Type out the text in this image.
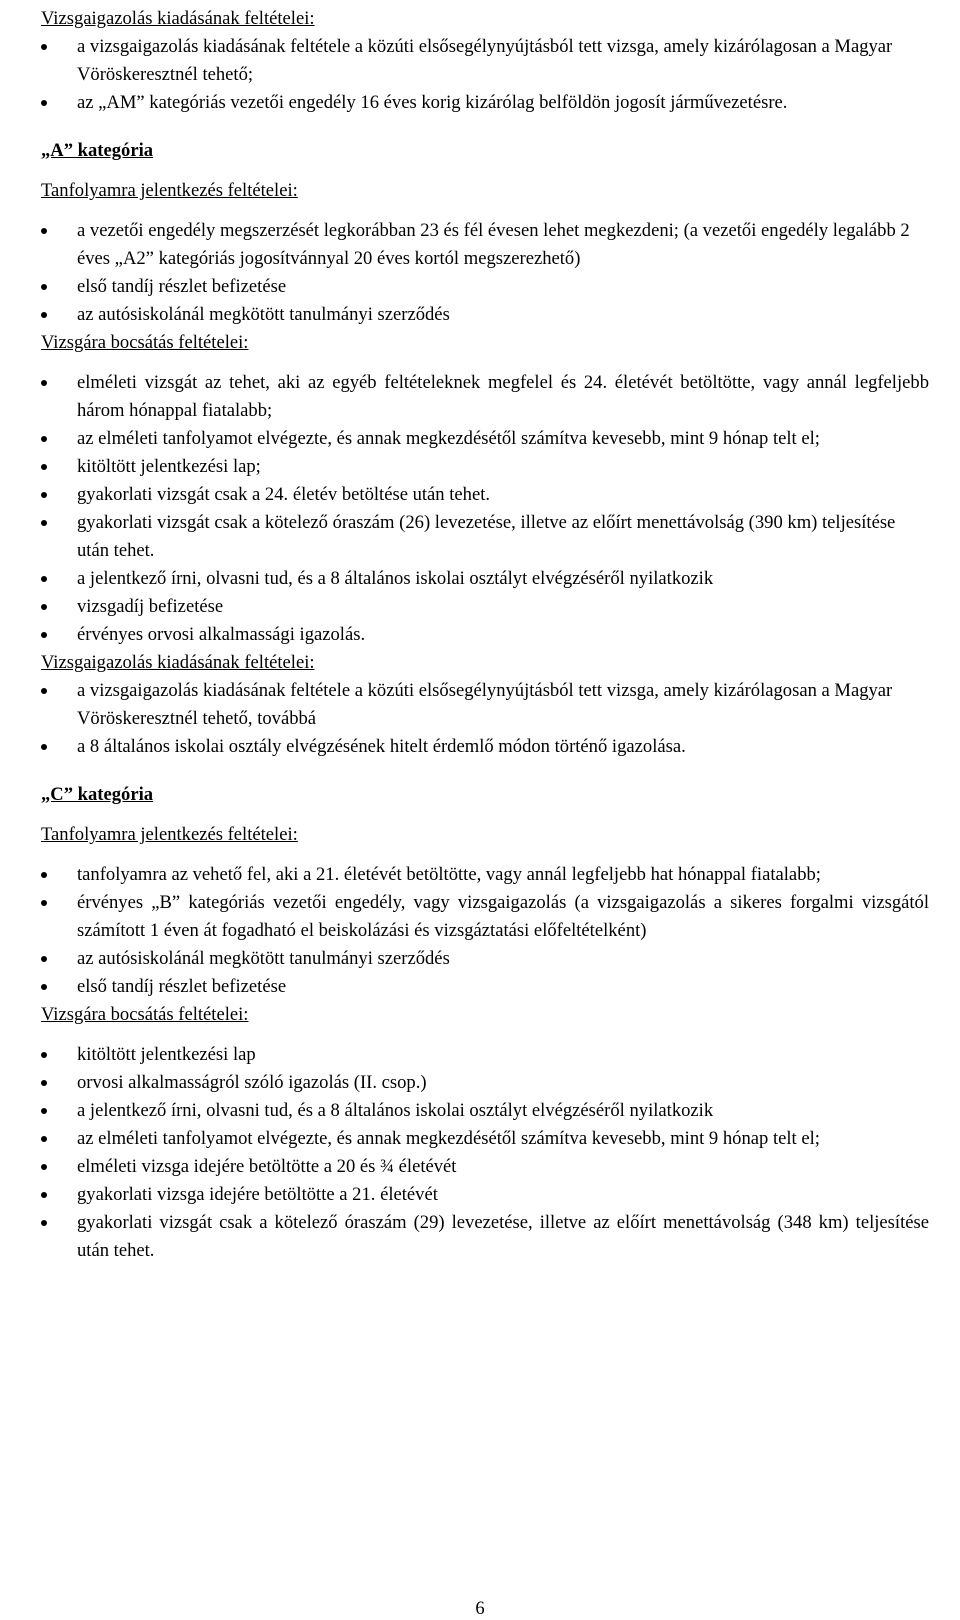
Vizsgaigazolás kiadásának feltételei:
a vizsgaigazolás kiadásának feltétele a közúti elsősegélynyújtásból tett vizsga, amely kizárólagosan a Magyar Vöröskeresztnél tehető;
az „AM” kategóriás vezetői engedély 16 éves korig kizárólag belföldön jogosít járművezetésre.
„A” kategória
Tanfolyamra jelentkezés feltételei:
a vezetői engedély megszerzését legkorábban 23 és fél évesen lehet megkezdeni; (a vezetői engedély legalább 2 éves „A2” kategóriás jogosítvánnyal 20 éves kortól megszerezhető)
első tandíj részlet befizetése
az autósiskolánál megkötött tanulmányi szerződés
Vizsgára bocsátás feltételei:
elméleti vizsgát az tehet, aki az egyéb feltételeknek megfelel és 24. életévét betöltötte, vagy annál legfeljebb három hónappal fiatalabb;
az elméleti tanfolyamot elvégezte, és annak megkezdésétől számítva kevesebb, mint 9 hónap telt el;
kitöltött jelentkezési lap;
gyakorlati vizsgát csak a 24. életév betöltése után tehet.
gyakorlati vizsgát csak a kötelező óraszám (26) levezetése, illetve az előírt menettávolság (390 km) teljesítése után tehet.
a jelentkező írni, olvasni tud, és a 8 általános iskolai osztályt elvégzéséről nyilatkozik
vizsgadíj befizetése
érvényes orvosi alkalmassági igazolás.
Vizsgaigazolás kiadásának feltételei:
a vizsgaigazolás kiadásának feltétele a közúti elsősegélynyújtásból tett vizsga, amely kizárólagosan a Magyar Vöröskeresztnél tehető, továbbá
a 8 általános iskolai osztály elvégzésének hitelt érdemlő módon történő igazolása.
„C” kategória
Tanfolyamra jelentkezés feltételei:
tanfolyamra az vehető fel, aki a 21. életévét betöltötte, vagy annál legfeljebb hat hónappal fiatalabb;
érvényes „B” kategóriás vezetői engedély, vagy vizsgaigazolás (a vizsgaigazolás a sikeres forgalmi vizsgától számított 1 éven át fogadható el beiskolázási és vizsgáztatási előfeltételként)
az autósiskolánál megkötött tanulmányi szerződés
első tandíj részlet befizetése
Vizsgára bocsátás feltételei:
kitöltött jelentkezési lap
orvosi alkalmasságról szóló igazolás (II. csop.)
a jelentkező írni, olvasni tud, és a 8 általános iskolai osztályt elvégzéséről nyilatkozik
az elméleti tanfolyamot elvégezte, és annak megkezdésétől számítva kevesebb, mint 9 hónap telt el;
elméleti vizsga idejére betöltötte a 20 és ¾ életévét
gyakorlati vizsga idejére betöltötte a 21. életévét
gyakorlati vizsgát csak a kötelező óraszám (29) levezetése, illetve az előírt menettávolság (348 km) teljesítése után tehet.
6
